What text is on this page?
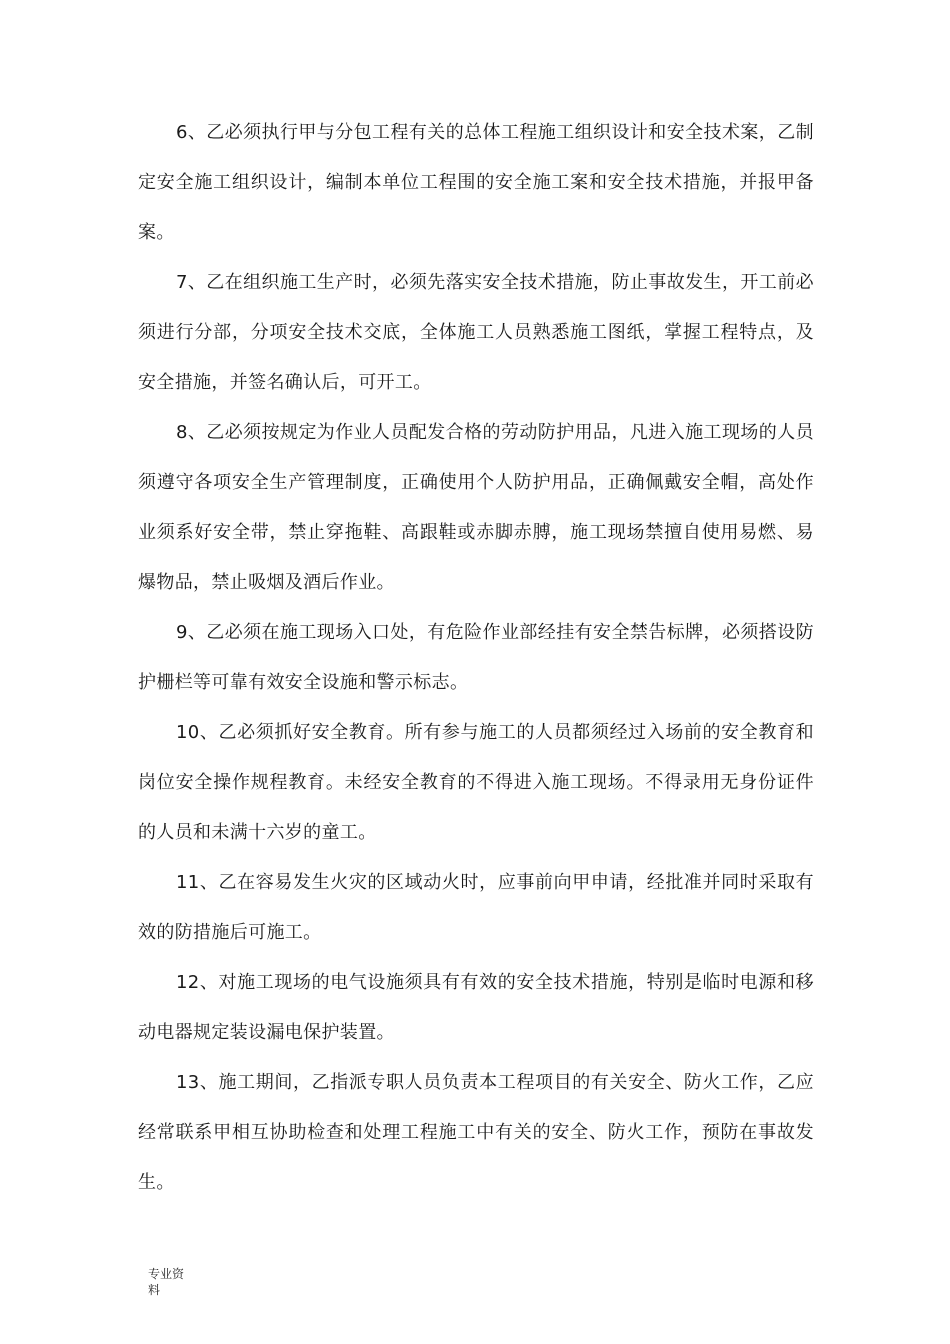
6、乙必须执行甲与分包工程有关的总体工程施工组织设计和安全技术案，乙制定安全施工组织设计，编制本单位工程围的安全施工案和安全技术措施，并报甲备案。

7、乙在组织施工生产时，必须先落实安全技术措施，防止事故发生，开工前必须进行分部，分项安全技术交底，全体施工人员熟悉施工图纸，掌握工程特点，及安全措施，并签名确认后，可开工。

8、乙必须按规定为作业人员配发合格的劳动防护用品，凡进入施工现场的人员须遵守各项安全生产管理制度，正确使用个人防护用品，正确佩戴安全帽，高处作业须系好安全带，禁止穿拖鞋、高跟鞋或赤脚赤膊，施工现场禁擅自使用易燃、易爆物品，禁止吸烟及酒后作业。

9、乙必须在施工现场入口处，有危险作业部经挂有安全禁告标牌，必须搭设防护栅栏等可靠有效安全设施和警示标志。

10、乙必须抓好安全教育。所有参与施工的人员都须经过入场前的安全教育和岗位安全操作规程教育。未经安全教育的不得进入施工现场。不得录用无身份证件的人员和未满十六岁的童工。

11、乙在容易发生火灾的区域动火时，应事前向甲申请，经批准并同时采取有效的防措施后可施工。

12、对施工现场的电气设施须具有有效的安全技术措施，特别是临时电源和移动电器规定装设漏电保护装置。

13、施工期间，乙指派专职人员负责本工程项目的有关安全、防火工作，乙应经常联系甲相互协助检查和处理工程施工中有关的安全、防火工作，预防在事故发生。

专业资
料
